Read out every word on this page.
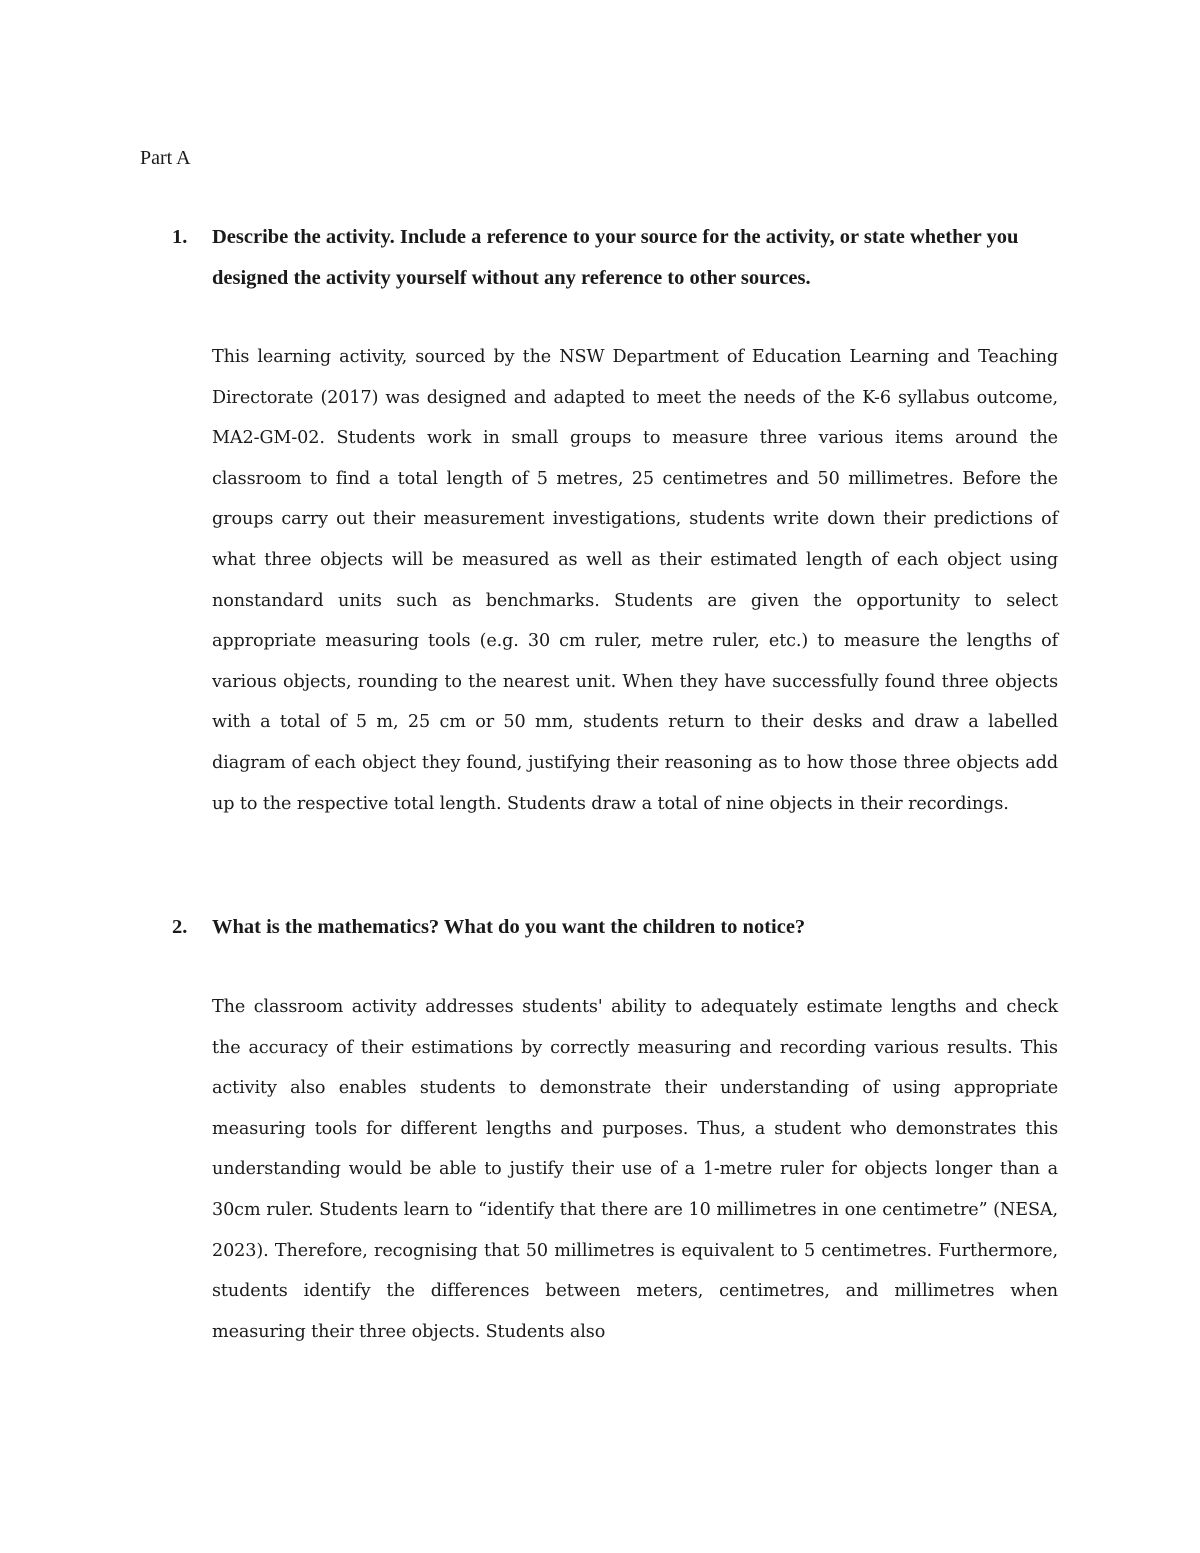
Part A
1. Describe the activity. Include a reference to your source for the activity, or state whether you designed the activity yourself without any reference to other sources.
This learning activity, sourced by the NSW Department of Education Learning and Teaching Directorate (2017) was designed and adapted to meet the needs of the K-6 syllabus outcome, MA2-GM-02. Students work in small groups to measure three various items around the classroom to find a total length of 5 metres, 25 centimetres and 50 millimetres. Before the groups carry out their measurement investigations, students write down their predictions of what three objects will be measured as well as their estimated length of each object using nonstandard units such as benchmarks. Students are given the opportunity to select appropriate measuring tools (e.g. 30 cm ruler, metre ruler, etc.) to measure the lengths of various objects, rounding to the nearest unit. When they have successfully found three objects with a total of 5 m, 25 cm or 50 mm, students return to their desks and draw a labelled diagram of each object they found, justifying their reasoning as to how those three objects add up to the respective total length. Students draw a total of nine objects in their recordings.
2. What is the mathematics? What do you want the children to notice?
The classroom activity addresses students' ability to adequately estimate lengths and check the accuracy of their estimations by correctly measuring and recording various results. This activity also enables students to demonstrate their understanding of using appropriate measuring tools for different lengths and purposes. Thus, a student who demonstrates this understanding would be able to justify their use of a 1-metre ruler for objects longer than a 30cm ruler. Students learn to “identify that there are 10 millimetres in one centimetre” (NESA, 2023). Therefore, recognising that 50 millimetres is equivalent to 5 centimetres. Furthermore, students identify the differences between meters, centimetres, and millimetres when measuring their three objects. Students also
